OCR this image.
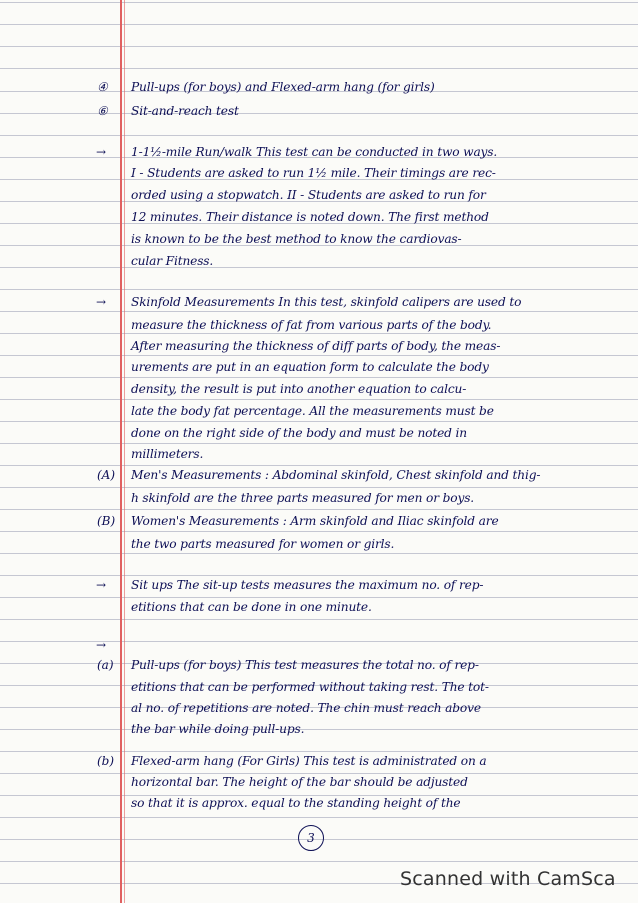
④ Pull-ups (for boys) and Flexed-arm hang (for girls)
⑥ Sit-and-reach test
→ 1-1½-mile Run/walk This test can be conducted in two ways.
I - Students are asked to run 1½ mile. Their timings are rec-
orded using a stopwatch. II - Students are asked to run for
12 minutes. Their distance is noted down. The first method
is known to be the best method to know the cardiovas-
cular Fitness.
→ Skinfold Measurements In this test, skinfold calipers are used to
measure the thickness of fat from various parts of the body.
After measuring the thickness of diff parts of body, the meas-
urements are put in an equation form to calculate the body
density, the result is put into another equation to calcu-
late the body fat percentage. All the measurements must be
done on the right side of the body and must be noted in
millimeters.
(A) Men's Measurements : Abdominal skinfold, Chest skinfold and thig-
h skinfold are the three parts measured for men or boys.
(B) Women's Measurements : Arm skinfold and Iliac skinfold are
the two parts measured for women or girls.
→ Sit ups The sit-up tests measures the maximum no. of rep-
etitions that can be done in one minute.
→
(a) Pull-ups (for boys) This test measures the total no. of rep-
etitions that can be performed without taking rest. The tot-
al no. of repetitions are noted. The chin must reach above
the bar while doing pull-ups.
(b) Flexed-arm hang (For Girls) This test is administrated on a
horizontal bar. The height of the bar should be adjusted
so that it is approx. equal to the standing height of the
3
Scanned with CamSca
